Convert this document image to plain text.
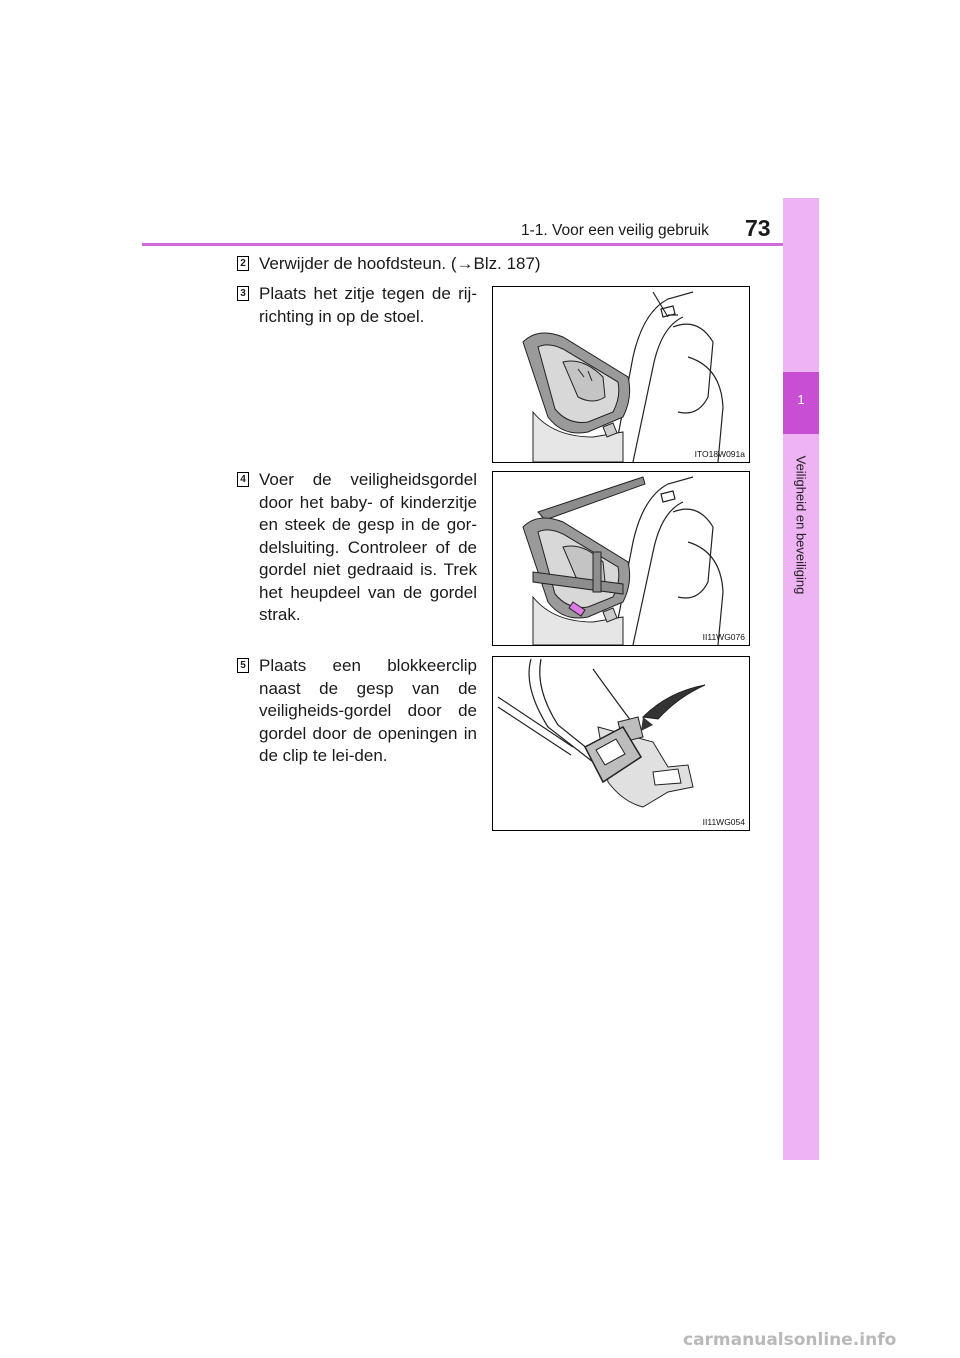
1-1. Voor een veilig gebruik 73
1
Veiligheid en beveiliging
2 Verwijder de hoofdsteun. (→Blz. 187)
3 Plaats het zitje tegen de rij-richting in op de stoel.
ITO18W091a
4 Voer de veiligheidsgordel door het baby- of kinderzitje en steek de gesp in de gor-delsluiting. Controleer of de gordel niet gedraaid is. Trek het heupdeel van de gordel strak.
II11WG076
5 Plaats een blokkeerclip naast de gesp van de veiligheids-gordel door de gordel door de openingen in de clip te lei-den.
II11WG054
carmanualsonline.info
